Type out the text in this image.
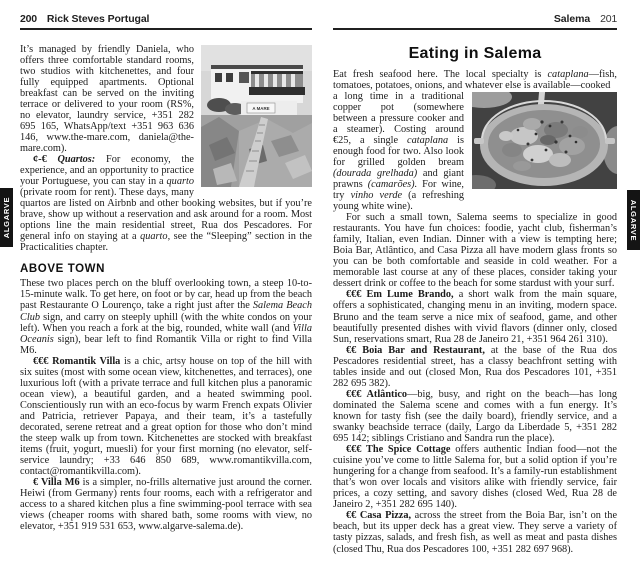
ALGARVE	ALGARVE
200 Rick Steves Portugal
A MARE

It’s managed by friendly Daniela, who offers three comfortable standard rooms, two studios with kitchenettes, and four fully equipped apartments. Optional breakfast can be served on the inviting terrace or delivered to your room (RS%, no elevator, laundry service, +351 282 695 165, WhatsApp/text +351 963 636 146, www.the-mare.com, daniela@the-mare.com).

¢-€ Quartos: For economy, the experience, and an opportunity to practice your Portuguese, you can stay in a quarto (private room for rent). These days, many quartos are listed on Airbnb and other booking websites, but if you’re brave, show up without a reservation and ask around for a room. Most options line the main residential street, Rua dos Pescadores. For general info on staying at a quarto, see the “Sleeping” section in the Practicalities chapter.

ABOVE TOWN

These two places perch on the bluff overlooking town, a steep 10-to-15-minute walk. To get here, on foot or by car, head up from the beach past Restaurante O Lourenço, take a right just after the Salema Beach Club sign, and carry on steeply uphill (with the white condos on your left). When you reach a fork at the big, rounded, white wall (and Villa Oceanis sign), bear left to find Romantik Villa or right to find Villa M6.

€€€ Romantik Villa is a chic, artsy house on top of the hill with six suites (most with some ocean view, kitchenettes, and terraces), one luxurious loft (with a private terrace and full kitchen plus a panoramic ocean view), a beautiful garden, and a heated swimming pool. Conscientiously run with an eco-focus by warm French expats Olivier and Patricia, retriever Papaya, and their team, it’s a tastefully decorated, serene retreat and a great option for those who don’t mind the steep walk up from town. Kitchenettes are stocked with breakfast items (fruit, yogurt, muesli) for your first morning (no elevator, self-service laundry; +33 646 850 689, www.romantikvilla.com, contact@romantikvilla.com).

€ Villa M6 is a simpler, no-frills alternative just around the corner. Heiwi (from Germany) rents four rooms, each with a refrigerator and access to a shared kitchen plus a fine swimming-pool terrace with sea views (cheaper rooms with shared bath, some rooms with view, no elevator, +351 919 531 653, www.algarve-salema.de).

Salema 201
Eating in Salema

Eat fresh seafood here. The local specialty is cataplana—fish, tomatoes, potatoes, onions, and whatever else is available—cooked

a long time in a traditional copper pot (somewhere between a pressure cooker and a steamer). Costing around €25, a single cataplana is enough food for two. Also look for grilled golden bream (dourada grelhada) and giant prawns (camarões). For wine, try vinho verde (a refreshing young white wine).

For such a small town, Salema seems to specialize in good restaurants. You have fun choices: foodie, yacht club, fisherman’s family, Italian, even Indian. Dinner with a view is tempting here; Boia Bar, Atlântico, and Casa Pizza all have modern glass fronts so you can be both comfortable and seaside in cold weather. For a memorable last course at any of these places, consider taking your dessert drink or coffee to the beach for some stardust with your surf.

€€€ Em Lume Brando, a short walk from the main square, offers a sophisticated, changing menu in an inviting, modern space. Bruno and the team serve a nice mix of seafood, game, and other beautifully presented dishes with vivid flavors (dinner only, closed Sun, reservations smart, Rua 28 de Janeiro 21, +351 964 261 310).

€€ Boia Bar and Restaurant, at the base of the Rua dos Pescadores residential street, has a classy beachfront setting with tables inside and out (closed Mon, Rua dos Pescadores 101, +351 282 695 382).

€€€ Atlântico—big, busy, and right on the beach—has long dominated the Salema scene and comes with a fun energy. It’s known for tasty fish (see the daily board), friendly service, and a swanky beachside terrace (daily, Largo da Liberdade 5, +351 282 695 142; siblings Cristiano and Sandra run the place).

€€€ The Spice Cottage offers authentic Indian food—not the cuisine you’ve come to little Salema for, but a solid option if you’re hungering for a change from seafood. It’s a family-run establishment that’s won over locals and visitors alike with friendly service, fair prices, a cozy setting, and savory dishes (closed Wed, Rua 28 de Janeiro 2, +351 282 695 140).

€€ Casa Pizza, across the street from the Boia Bar, isn’t on the beach, but its upper deck has a great view. They serve a variety of tasty pizzas, salads, and fresh fish, as well as meat and pasta dishes (closed Thu, Rua dos Pescadores 100, +351 282 697 968).
